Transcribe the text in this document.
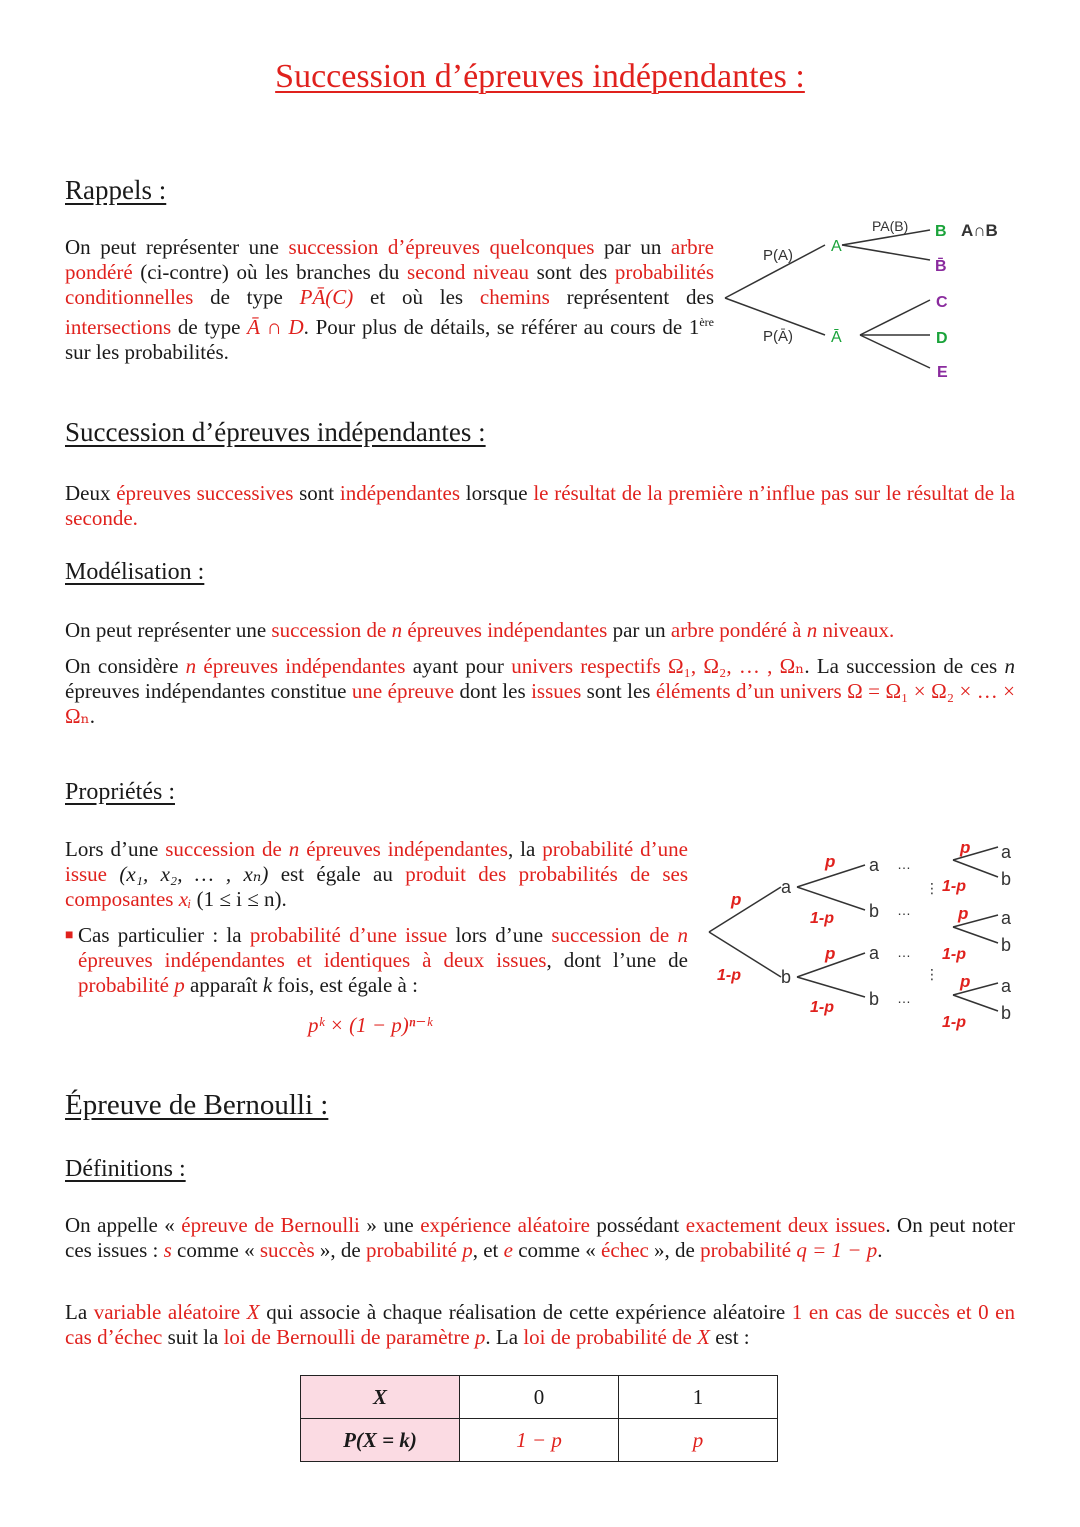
Succession d’épreuves indépendantes :
Rappels :
On peut représenter une succession d’épreuves quelconques par un arbre pondéré (ci-contre) où les branches du second niveau sont des probabilités conditionnelles de type PĀ(C) et où les chemins représentent des intersections de type Ā ∩ D. Pour plus de détails, se référer au cours de 1ère sur les probabilités.
P(A)
P(Ā)
A
Ā
PA(B) B
B̄
C
D
E
A∩B
Succession d’épreuves indépendantes :
Deux épreuves successives sont indépendantes lorsque le résultat de la première n’influe pas sur le résultat de la seconde.
Modélisation :
On peut représenter une succession de n épreuves indépendantes par un arbre pondéré à n niveaux.
On considère n épreuves indépendantes ayant pour univers respectifs Ω₁, Ω₂, … , Ωₙ. La succession de ces n épreuves indépendantes constitue une épreuve dont les issues sont les éléments d’un univers Ω = Ω₁ × Ω₂ × … × Ωₙ.
Propriétés :
Lors d’une succession de n épreuves indépendantes, la probabilité d’une issue (x₁, x₂, … , xₙ) est égale au produit des probabilités de ses composantes xᵢ (1 ≤ i ≤ n).
■ Cas particulier : la probabilité d’une issue lors d’une succession de n épreuves indépendantes et identiques à deux issues, dont l’une de probabilité p apparaît k fois, est égale à :
pᵏ × (1 − p)ⁿ⁻ᵏ
p
1-p
p
1-p
p
1-p
p
1-p
p
1-p
p
1-p
a
b
a
b
a
b
a
b
a
b
a
b
…
…
…
…
⋮
⋮
Épreuve de Bernoulli :
Définitions :
On appelle « épreuve de Bernoulli » une expérience aléatoire possédant exactement deux issues. On peut noter ces issues : s comme « succès », de probabilité p, et e comme « échec », de probabilité q = 1 − p.
La variable aléatoire X qui associe à chaque réalisation de cette expérience aléatoire 1 en cas de succès et 0 en cas d’échec suit la loi de Bernoulli de paramètre p. La loi de probabilité de X est :
X	0	1
P(X = k)	1 − p	p
